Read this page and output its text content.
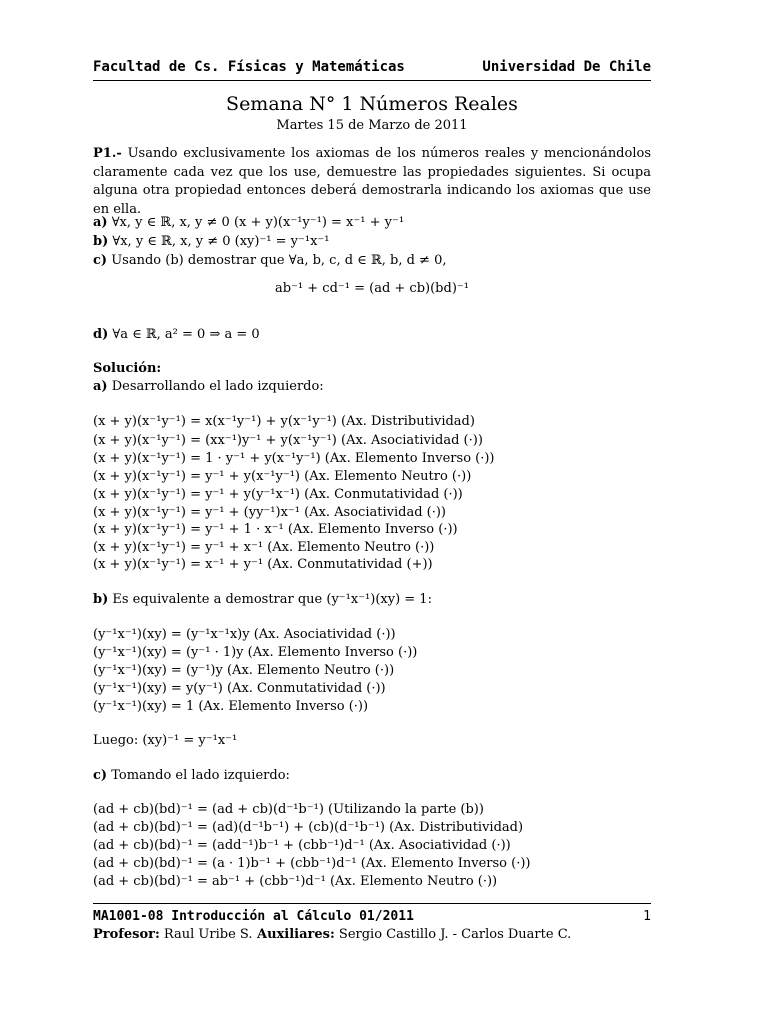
Facultad de Cs. Físicas y Matemáticas	Universidad De Chile
Semana N° 1 Números Reales
Martes 15 de Marzo de 2011
P1.- Usando exclusivamente los axiomas de los números reales y mencionándolos claramente cada vez que los use, demuestre las propiedades siguientes. Si ocupa alguna otra propiedad entonces deberá demostrarla indicando los axiomas que use en ella.
a) ∀x, y ∈ ℝ, x, y ≠ 0 (x + y)(x⁻¹y⁻¹) = x⁻¹ + y⁻¹
b) ∀x, y ∈ ℝ, x, y ≠ 0 (xy)⁻¹ = y⁻¹x⁻¹
c) Usando (b) demostrar que ∀a, b, c, d ∈ ℝ, b, d ≠ 0,
ab⁻¹ + cd⁻¹ = (ad + cb)(bd)⁻¹
d) ∀a ∈ ℝ, a² = 0 ⇒ a = 0
Solución:
a) Desarrollando el lado izquierdo:
(x + y)(x⁻¹y⁻¹) = x(x⁻¹y⁻¹) + y(x⁻¹y⁻¹) (Ax. Distributividad)
(x + y)(x⁻¹y⁻¹) = (xx⁻¹)y⁻¹ + y(x⁻¹y⁻¹) (Ax. Asociatividad (·))
(x + y)(x⁻¹y⁻¹) = 1 · y⁻¹ + y(x⁻¹y⁻¹) (Ax. Elemento Inverso (·))
(x + y)(x⁻¹y⁻¹) = y⁻¹ + y(x⁻¹y⁻¹) (Ax. Elemento Neutro (·))
(x + y)(x⁻¹y⁻¹) = y⁻¹ + y(y⁻¹x⁻¹) (Ax. Conmutatividad (·))
(x + y)(x⁻¹y⁻¹) = y⁻¹ + (yy⁻¹)x⁻¹ (Ax. Asociatividad (·))
(x + y)(x⁻¹y⁻¹) = y⁻¹ + 1 · x⁻¹ (Ax. Elemento Inverso (·))
(x + y)(x⁻¹y⁻¹) = y⁻¹ + x⁻¹ (Ax. Elemento Neutro (·))
(x + y)(x⁻¹y⁻¹) = x⁻¹ + y⁻¹ (Ax. Conmutatividad (+))
b) Es equivalente a demostrar que (y⁻¹x⁻¹)(xy) = 1:
(y⁻¹x⁻¹)(xy) = (y⁻¹x⁻¹x)y (Ax. Asociatividad (·))
(y⁻¹x⁻¹)(xy) = (y⁻¹ · 1)y (Ax. Elemento Inverso (·))
(y⁻¹x⁻¹)(xy) = (y⁻¹)y (Ax. Elemento Neutro (·))
(y⁻¹x⁻¹)(xy) = y(y⁻¹) (Ax. Conmutatividad (·))
(y⁻¹x⁻¹)(xy) = 1 (Ax. Elemento Inverso (·))
Luego: (xy)⁻¹ = y⁻¹x⁻¹
c) Tomando el lado izquierdo:
(ad + cb)(bd)⁻¹ = (ad + cb)(d⁻¹b⁻¹) (Utilizando la parte (b))
(ad + cb)(bd)⁻¹ = (ad)(d⁻¹b⁻¹) + (cb)(d⁻¹b⁻¹) (Ax. Distributividad)
(ad + cb)(bd)⁻¹ = (add⁻¹)b⁻¹ + (cbb⁻¹)d⁻¹ (Ax. Asociatividad (·))
(ad + cb)(bd)⁻¹ = (a · 1)b⁻¹ + (cbb⁻¹)d⁻¹ (Ax. Elemento Inverso (·))
(ad + cb)(bd)⁻¹ = ab⁻¹ + (cbb⁻¹)d⁻¹ (Ax. Elemento Neutro (·))
MA1001-08 Introducción al Cálculo 01/2011	1
Profesor: Raul Uribe S. Auxiliares: Sergio Castillo J. - Carlos Duarte C.
